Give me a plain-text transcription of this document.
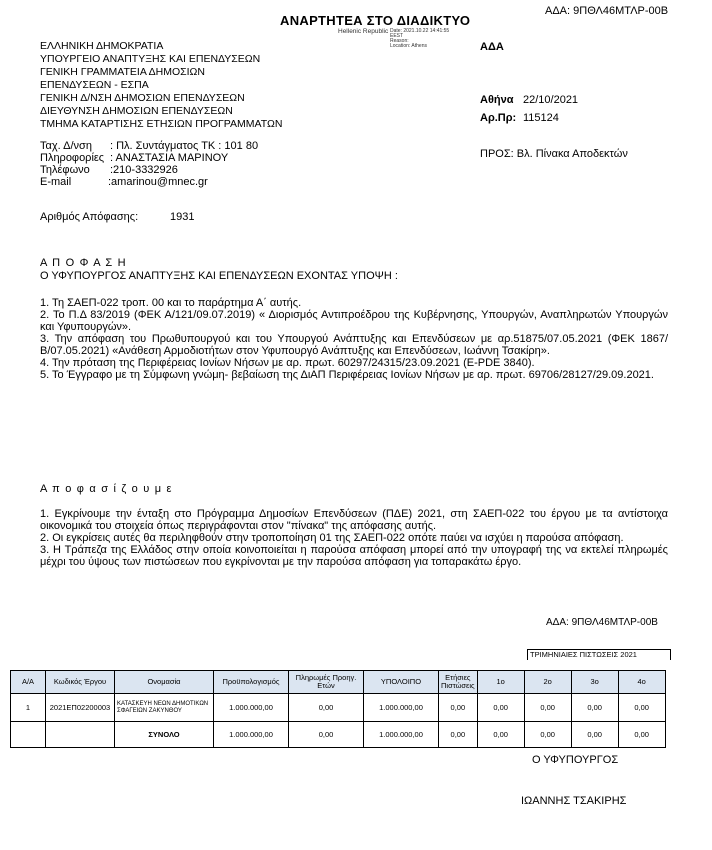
ΑΔΑ: 9ΠΘΛ46ΜΤΛΡ-00Β
ΑΝΑΡΤΗΤΕΑ ΣΤΟ ΔΙΑΔΙΚΤΥΟ
Hellenic Republic Date: 2021.10.22 14:41:55
EEST
Reason:
Location: Athens
ΕΛΛΗΝΙΚΗ ΔΗΜΟΚΡΑΤΙΑ
ΥΠΟΥΡΓΕΙΟ ΑΝΑΠΤΥΞΗΣ ΚΑΙ ΕΠΕΝΔΥΣΕΩΝ
ΓΕΝΙΚΗ ΓΡΑΜΜΑΤΕΙΑ ΔΗΜΟΣΙΩΝ
ΕΠΕΝΔΥΣΕΩΝ - ΕΣΠΑ
ΓΕΝΙΚΗ Δ/ΝΣΗ ΔΗΜΟΣΙΩΝ ΕΠΕΝΔΥΣΕΩΝ
ΔΙΕΥΘΥΝΣΗ ΔΗΜΟΣΙΩΝ ΕΠΕΝΔΥΣΕΩΝ
ΤΜΗΜΑ ΚΑΤΑΡΤΙΣΗΣ ΕΤΗΣΙΩΝ ΠΡΟΓΡΑΜΜΑΤΩΝ
ΑΔΑ
Αθήνα 22/10/2021
Αρ.Πρ: 115124
ΠΡΟΣ: Βλ. Πίνακα Αποδεκτών
Ταχ. Δ/νση : Πλ. Συντάγματος ΤΚ : 101 80
Πληροφορίες : ΑΝΑΣΤΑΣΙΑ ΜΑΡΙΝΟΥ
Τηλέφωνο :210-3332926
E-mail	:amarinou@mnec.gr
Αριθμός Απόφασης:	1931
Α Π Ο Φ Α Σ Η
Ο ΥΦΥΠΟΥΡΓΟΣ ΑΝΑΠΤΥΞΗΣ ΚΑΙ ΕΠΕΝΔΥΣΕΩΝ ΕΧΟΝΤΑΣ ΥΠΟΨΗ :

1. Τη ΣΑΕΠ-022 τροπ. 00 και το παράρτημα Α΄ αυτής.

2. Το Π.Δ 83/2019 (ΦΕΚ Α/121/09.07.2019) « Διορισμός Αντιπροέδρου της Κυβέρνησης, Υπουργών, Αναπληρωτών Υπουργών και Υφυπουργών».

3. Την απόφαση του Πρωθυπουργού και του Υπουργού Ανάπτυξης και Επενδύσεων με αρ.51875/07.05.2021 (ΦΕΚ 1867/Β/07.05.2021) «Ανάθεση Αρμοδιοτήτων στον Υφυπουργό Ανάπτυξης και Επενδύσεων, Ιωάννη Τσακίρη».

4. Την πρόταση της Περιφέρειας Ιονίων Νήσων με αρ. πρωτ. 60297/24315/23.09.2021 (E-PDE 3840).

5. Το Έγγραφο με τη Σύμφωνη γνώμη- βεβαίωση της ΔιΑΠ Περιφέρειας Ιονίων Νήσων με αρ. πρωτ. 69706/28127/29.09.2021.

Α π ο φ α σ ί ζ ο υ μ ε

1. Εγκρίνουμε την ένταξη στο Πρόγραμμα Δημοσίων Επενδύσεων (ΠΔΕ) 2021, στη ΣΑΕΠ-022 του έργου με τα αντίστοιχα οικονομικά του στοιχεία όπως περιγράφονται στον "πίνακα" της απόφασης αυτής.

2. Οι εγκρίσεις αυτές θα περιληφθούν στην τροποποίηση 01 της ΣΑΕΠ-022 οπότε παύει να ισχύει η παρούσα απόφαση.

3. Η Τράπεζα της Ελλάδος στην οποία κοινοποιείται η παρούσα απόφαση μπορεί από την υπογραφή της να εκτελεί πληρωμές μέχρι του ύψους των πιστώσεων που εγκρίνονται με την παρούσα απόφαση για τοπαρακάτω έργο.

ΑΔΑ: 9ΠΘΛ46ΜΤΛΡ-00Β
ΤΡΙΜΗΝΙΑΙΕΣ ΠΙΣΤΩΣΕΙΣ 2021
Α/Α	Κωδικός Έργου	Ονομασία	Προϋπολογισμός	Πληρωμές Προηγ. Ετών	ΥΠΟΛΟΙΠΟ	Ετήσιες Πιστώσεις	1ο	2ο	3ο	4ο
1	2021ΕΠ02200003	ΚΑΤΑΣΚΕΥΗ ΝΕΩΝ ΔΗΜΟΤΙΚΩΝ ΣΦΑΓΕΙΩΝ ΖΑΚΥΝΘΟΥ	1.000.000,00	0,00	1.000.000,00	0,00	0,00	0,00	0,00	0,00
		ΣΥΝΟΛΟ	1.000.000,00	0,00	1.000.000,00	0,00	0,00	0,00	0,00	0,00
Ο ΥΦΥΠΟΥΡΓΟΣ
ΙΩΑΝΝΗΣ ΤΣΑΚΙΡΗΣ
